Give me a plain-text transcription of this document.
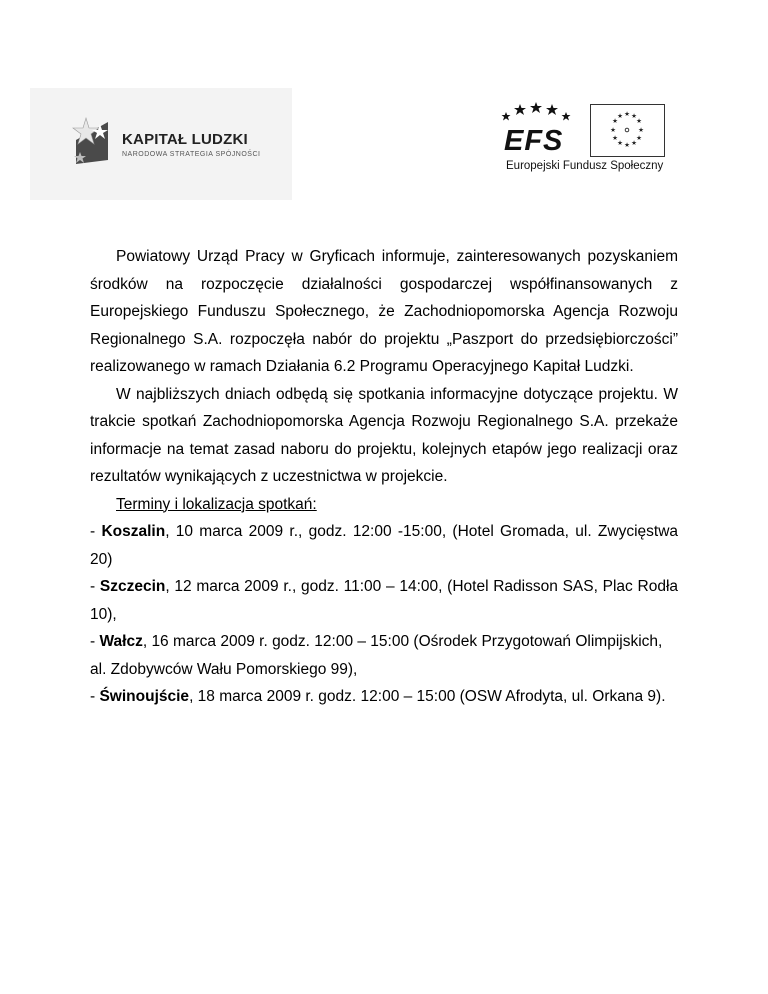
KAPITAŁ LUDZKI
NARODOWA STRATEGIA SPÓJNOŚCI	EFS
★ ★
★
★
★
★
★
★
★
★
★
★
Europejski Fundusz Społeczny

Powiatowy Urząd Pracy w Gryficach informuje, zainteresowanych pozyskaniem środków na rozpoczęcie działalności gospodarczej współfinansowanych z Europejskiego Funduszu Społecznego, że Zachodniopomorska Agencja Rozwoju Regionalnego S.A. rozpoczęła nabór do projektu „Paszport do przedsiębiorczości” realizowanego w ramach Działania 6.2 Programu Operacyjnego Kapitał Ludzki.

W najbliższych dniach odbędą się spotkania informacyjne dotyczące projektu. W trakcie spotkań Zachodniopomorska Agencja Rozwoju Regionalnego S.A. przekaże informacje na temat zasad naboru do projektu, kolejnych etapów jego realizacji oraz rezultatów wynikających z uczestnictwa w projekcie.

Terminy i lokalizacja spotkań:

- Koszalin, 10 marca 2009 r., godz. 12:00 -15:00, (Hotel Gromada, ul. Zwycięstwa 20)

- Szczecin, 12 marca 2009 r., godz. 11:00 – 14:00, (Hotel Radisson SAS, Plac Rodła 10),

- Wałcz, 16 marca 2009 r. godz. 12:00 – 15:00 (Ośrodek Przygotowań Olimpijskich,

al. Zdobywców Wału Pomorskiego 99),

- Świnoujście, 18 marca 2009 r. godz. 12:00 – 15:00 (OSW Afrodyta, ul. Orkana 9).
